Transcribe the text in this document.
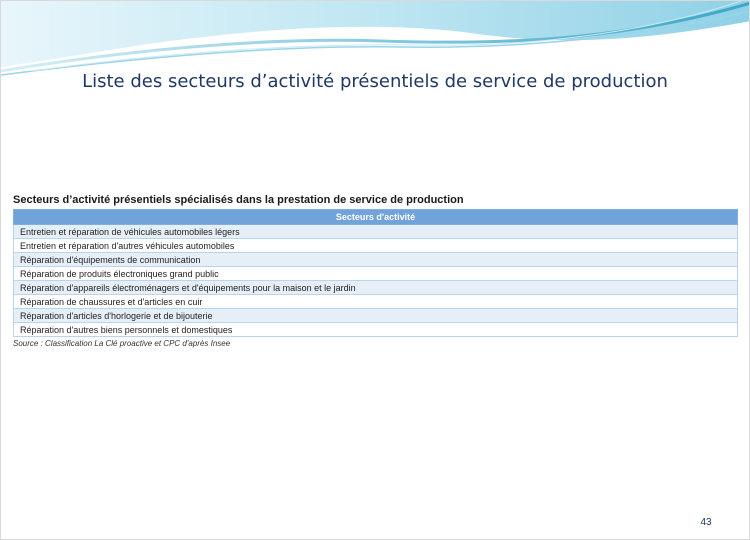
Liste des secteurs d’activité présentiels de service de production
Secteurs d’activité présentiels spécialisés dans la prestation de service de production
Secteurs d'activité
Entretien et réparation de véhicules automobiles légers
Entretien et réparation d'autres véhicules automobiles
Réparation d'équipements de communication
Réparation de produits électroniques grand public
Réparation d'appareils électroménagers et d'équipements pour la maison et le jardin
Réparation de chaussures et d'articles en cuir
Réparation d'articles d'horlogerie et de bijouterie
Réparation d'autres biens personnels et domestiques
Source : Classification La Clé proactive et CPC d'après Insee
43
